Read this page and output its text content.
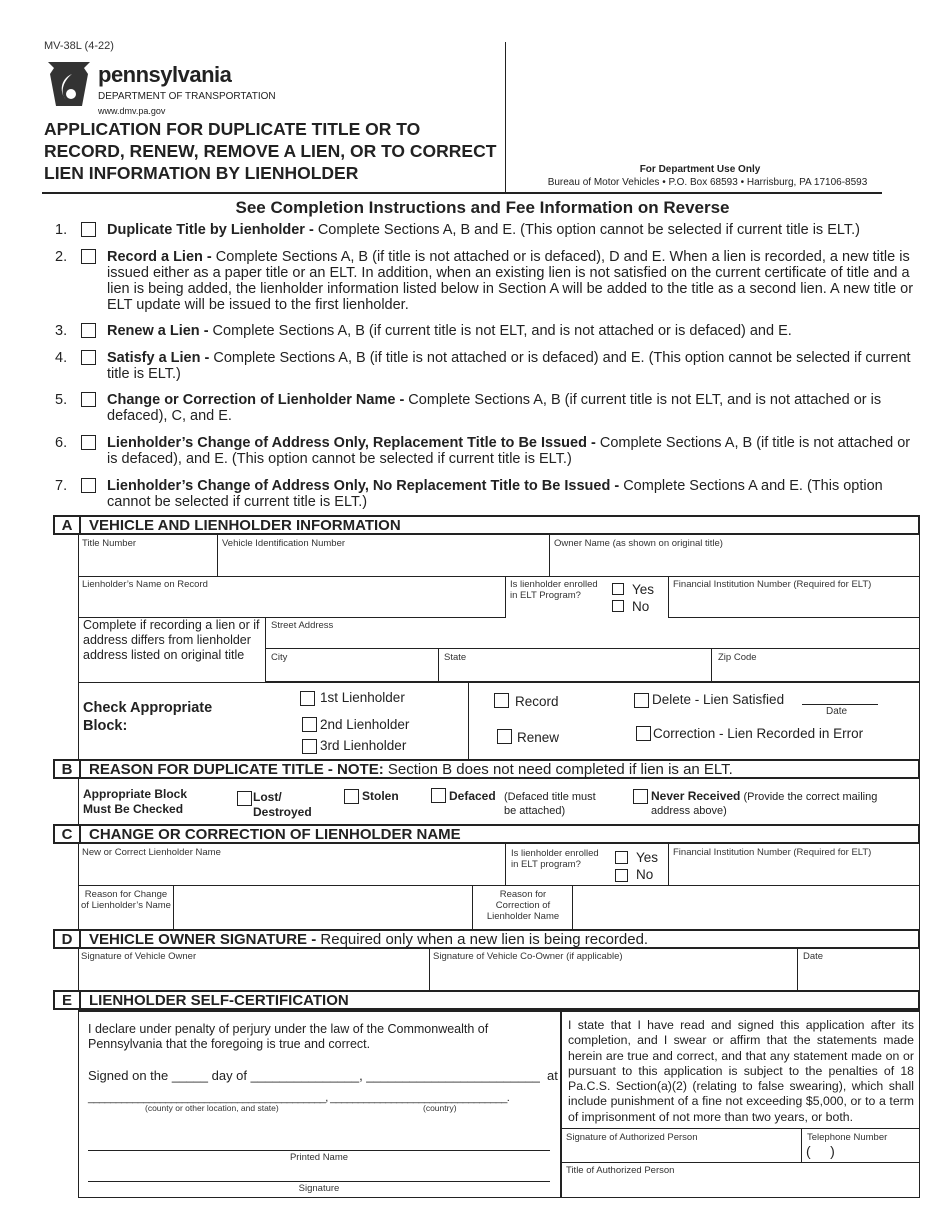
MV-38L (4-22)
pennsylvania
DEPARTMENT OF TRANSPORTATION
www.dmv.pa.gov
APPLICATION FOR DUPLICATE TITLE OR TO RECORD, RENEW, REMOVE A LIEN, OR TO CORRECT LIEN INFORMATION BY LIENHOLDER	For Department Use Only
Bureau of Motor Vehicles • P.O. Box 68593 • Harrisburg, PA 17106-8593
See Completion Instructions and Fee Information on Reverse
1.	Duplicate Title by Lienholder - Complete Sections A, B and E. (This option cannot be selected if current title is ELT.)
2.	Record a Lien - Complete Sections A, B (if title is not attached or is defaced), D and E. When a lien is recorded, a new title is issued either as a paper title or an ELT. In addition, when an existing lien is not satisfied on the current certificate of title and a lien is being added, the lienholder information listed below in Section A will be added to the title as a second lien. A new title or ELT update will be issued to the first lienholder.
3.	Renew a Lien - Complete Sections A, B (if current title is not ELT, and is not attached or is defaced) and E.
4.	Satisfy a Lien - Complete Sections A, B (if title is not attached or is defaced) and E. (This option cannot be selected if current title is ELT.)
5.	Change or Correction of Lienholder Name - Complete Sections A, B (if current title is not ELT, and is not attached or is defaced), C, and E.
6.	Lienholder’s Change of Address Only, Replacement Title to Be Issued - Complete Sections A, B (if title is not attached or is defaced), and E. (This option cannot be selected if current title is ELT.)
7.	Lienholder’s Change of Address Only, No Replacement Title to Be Issued - Complete Sections A and E. (This option cannot be selected if current title is ELT.)
A	VEHICLE AND LIENHOLDER INFORMATION
Title Number	Vehicle Identification Number	Owner Name (as shown on original title)
Lienholder’s Name on Record	Is lienholder enrolled in ELT Program?	Yes
No
Financial Institution Number (Required for ELT)
Complete if recording a lien or if address differs from lienholder address listed on original title
Street Address
City	State	Zip Code
Check Appropriate Block:
1st Lienholder
2nd Lienholder
3rd Lienholder
Record
Renew
Delete - Lien Satisfied
Date
Correction - Lien Recorded in Error
B	REASON FOR DUPLICATE TITLE - NOTE: Section B does not need completed if lien is an ELT.
Appropriate Block Must Be Checked
Lost/ Destroyed
Stolen	Defaced (Defaced title must be attached)
Never Received (Provide the correct mailing address above)
C	CHANGE OR CORRECTION OF LIENHOLDER NAME
New or Correct Lienholder Name	Is lienholder enrolled in ELT program?	Yes
No
Financial Institution Number (Required for ELT)
Reason for Change of Lienholder’s Name
Reason for Correction of Lienholder Name
D	VEHICLE OWNER SIGNATURE - Required only when a new lien is being recorded.
Signature of Vehicle Owner	Signature of Vehicle Co-Owner (if applicable)	Date
E	LIENHOLDER SELF-CERTIFICATION
I declare under penalty of perjury under the law of the Commonwealth of Pennsylvania that the foregoing is true and correct.
Signed on the _____ day of _______________, ________________________  at
___________________________________________, ________________________________.
(county or other location, and state)	(country)
Printed Name
Signature
I state that I have read and signed this application after its completion, and I swear or affirm that the statements made herein are true and correct, and that any statement made on or pursuant to this application is subject to the penalties of 18 Pa.C.S. Section(a)(2) (relating to false swearing), which shall include punishment of a fine not exceeding $5,000, or to a term of imprisonment of not more than two years, or both.
Signature of Authorized Person	Telephone Number
(     )
Title of Authorized Person
